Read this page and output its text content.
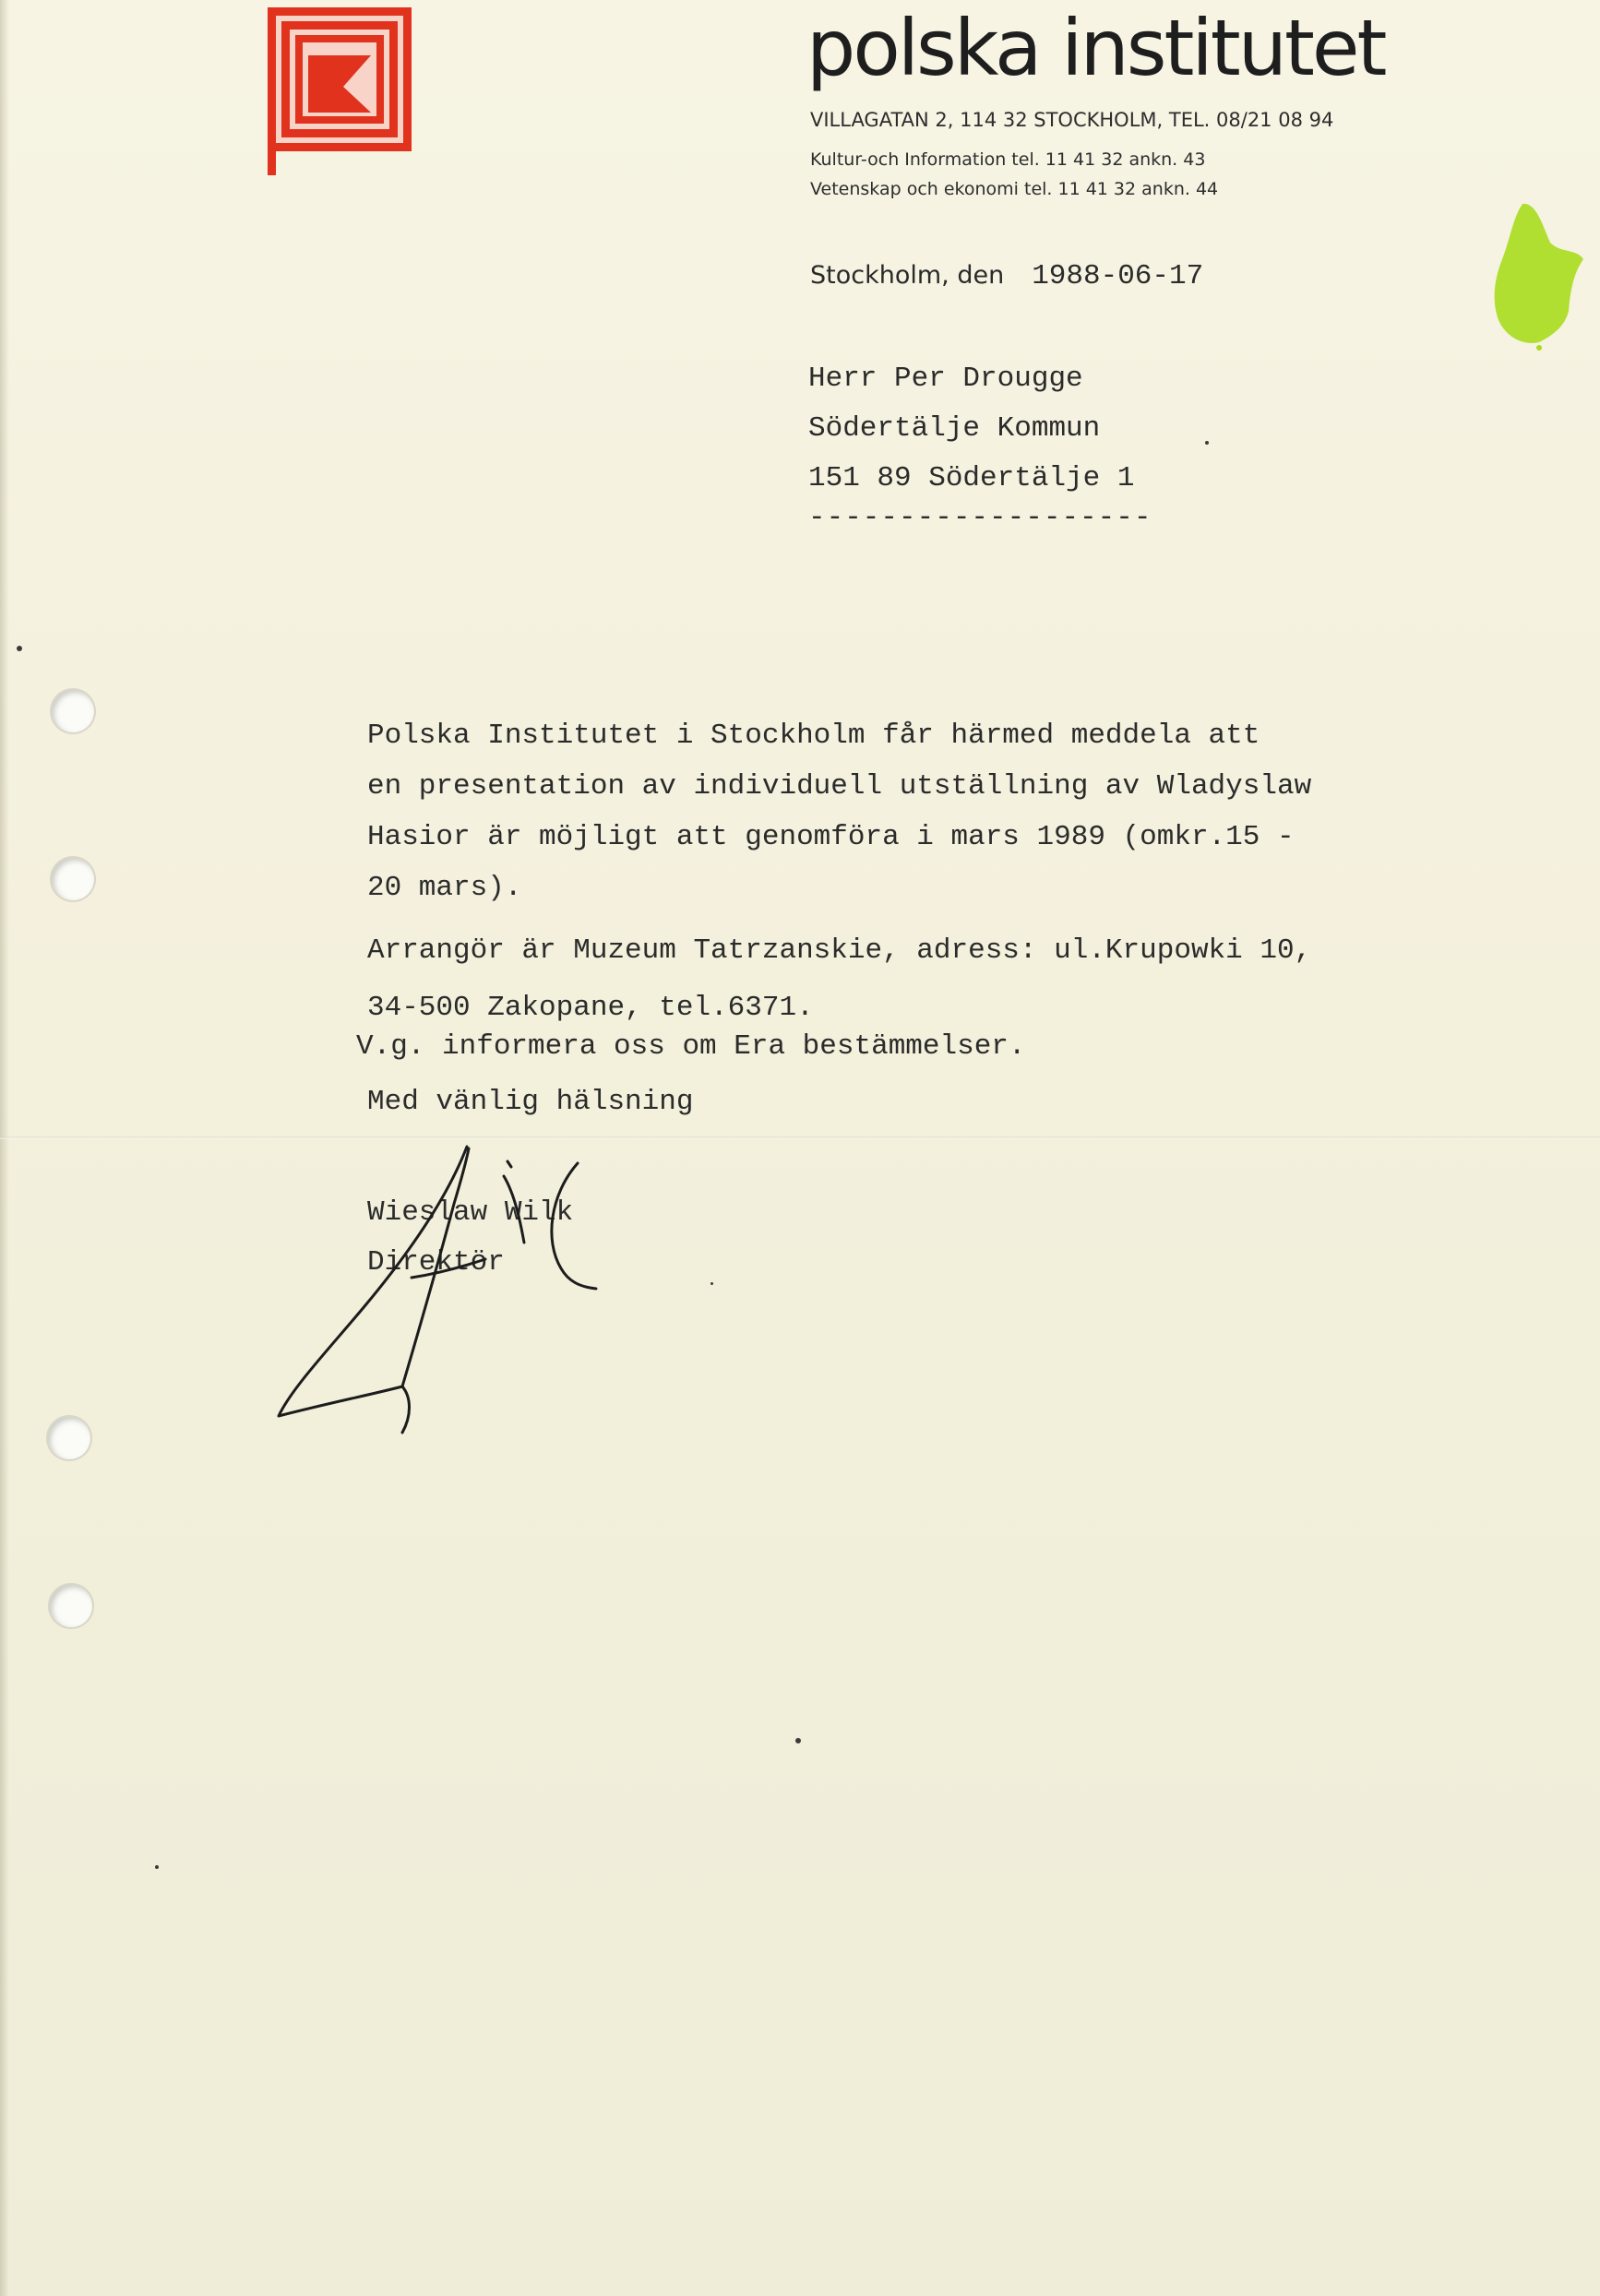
polska institutet
VILLAGATAN 2, 114 32 STOCKHOLM, TEL. 08/21 08 94
Kultur-och Information tel. 11 41 32 ankn. 43
Vetenskap och ekonomi tel. 11 41 32 ankn. 44
Stockholm, den 1988-06-17
Herr Per Drougge
Södertälje Kommun
151 89 Södertälje 1
-------------------
Polska Institutet i Stockholm får härmed meddela att
en presentation av individuell utställning av Wladyslaw
Hasior är möjligt att genomföra i mars 1989 (omkr.15 -
20 mars).
Arrangör är Muzeum Tatrzanskie, adress: ul.Krupowki 10,
34-500 Zakopane, tel.6371.
V.g. informera oss om Era bestämmelser.
Med vänlig hälsning
Wieslaw Wilk
Direktör
